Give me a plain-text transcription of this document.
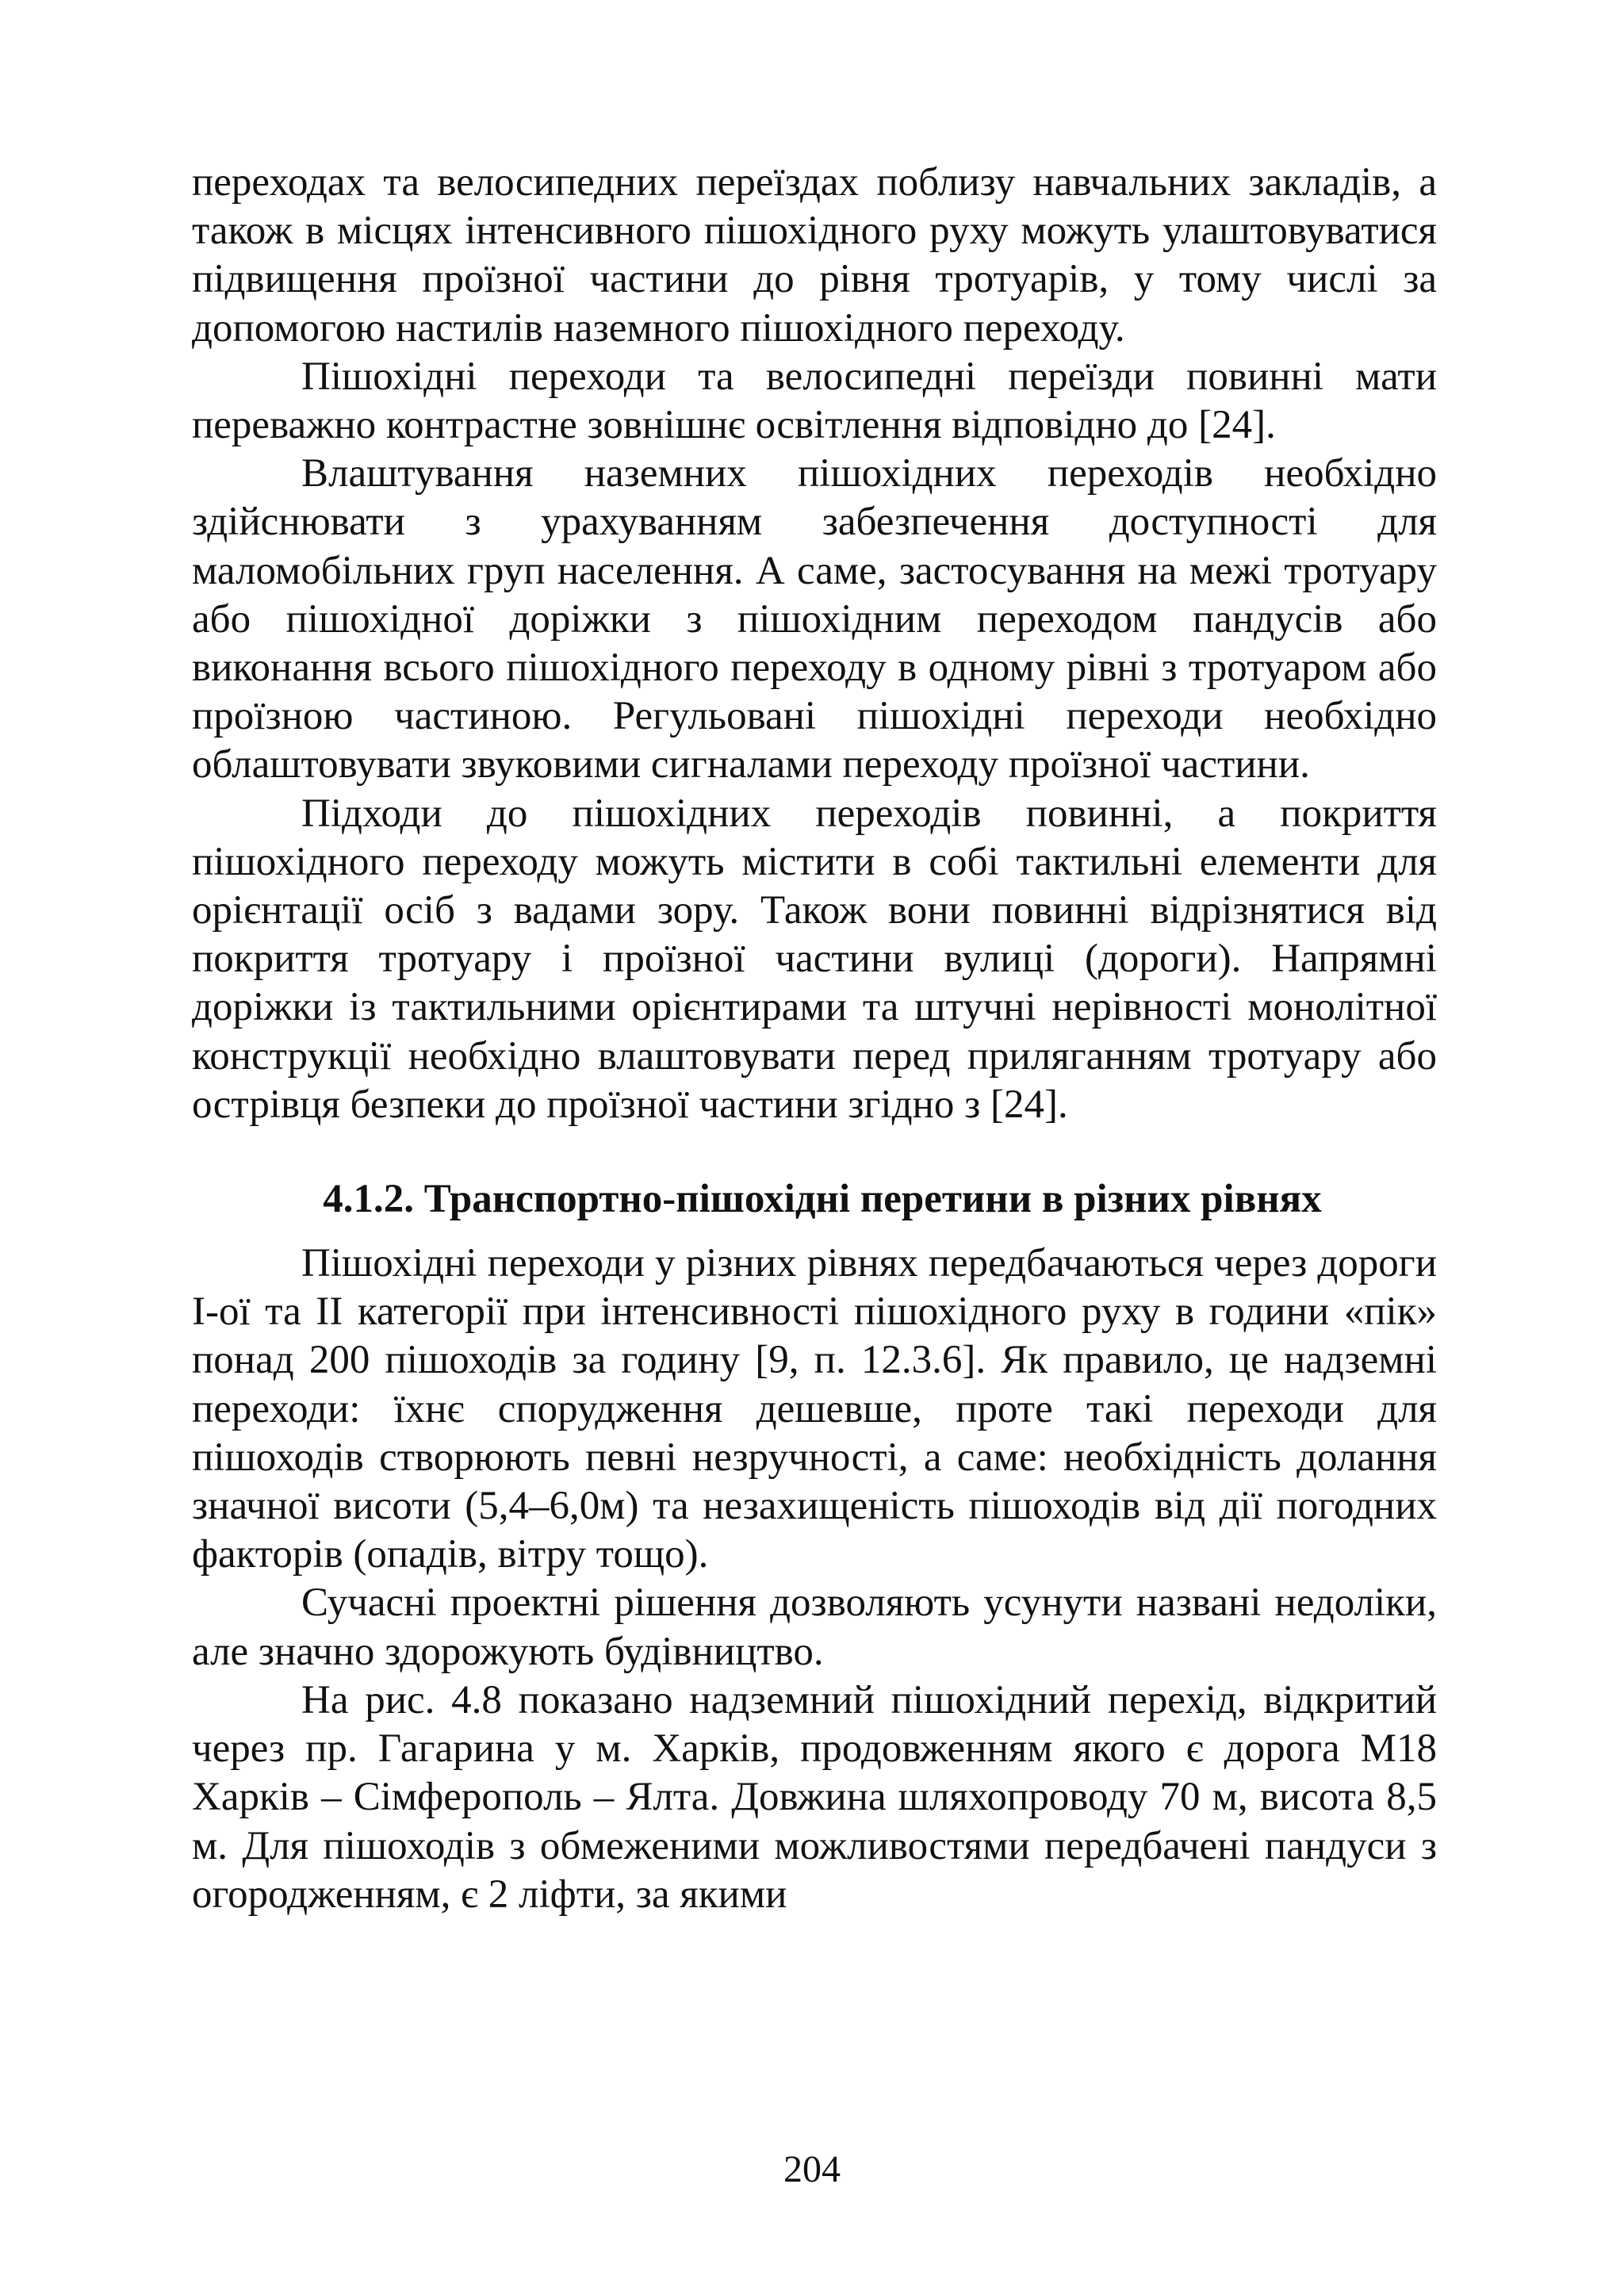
переходах та велосипедних переїздах поблизу навчальних закладів, а також в місцях інтенсивного пішохідного руху можуть улаштовуватися підвищення проїзної частини до рівня тротуарів, у тому числі за допомогою настилів наземного пішохідного переходу.

Пішохідні переходи та велосипедні переїзди повинні мати переважно контрастне зовнішнє освітлення відповідно до [24].

Влаштування наземних пішохідних переходів необхідно здійснювати з урахуванням забезпечення доступності для маломобільних груп населення. А саме, застосування на межі тротуару або пішохідної доріжки з пішохідним переходом пандусів або виконання всього пішохідного переходу в одному рівні з тротуаром або проїзною частиною. Регульовані пішохідні переходи необхідно облаштовувати звуковими сигналами переходу проїзної частини.

Підходи до пішохідних переходів повинні, а покриття пішохідного переходу можуть містити в собі тактильні елементи для орієнтації осіб з вадами зору. Також вони повинні відрізнятися від покриття тротуару і проїзної частини вулиці (дороги). Напрямні доріжки із тактильними орієнтирами та штучні нерівності монолітної конструкції необхідно влаштовувати перед приляганням тротуару або острівця безпеки до проїзної частини згідно з [24].

4.1.2. Транспортно-пішохідні перетини в різних рівнях

Пішохідні переходи у різних рівнях передбачаються через дороги І-ої та ІІ категорії при інтенсивності пішохідного руху в години «пік» понад 200 пішоходів за годину [9, п. 12.3.6]. Як правило, це надземні переходи: їхнє спорудження дешевше, проте такі переходи для пішоходів створюють певні незручності, а саме: необхідність долання значної висоти (5,4–6,0м) та незахищеність пішоходів від дії погодних факторів (опадів, вітру тощо).

Сучасні проектні рішення дозволяють усунути названі недоліки, але значно здорожують будівництво.

На рис. 4.8 показано надземний пішохідний перехід, відкритий через пр. Гагарина у м. Харків, продовженням якого є дорога М18 Харків – Сімферополь – Ялта. Довжина шляхопроводу 70 м, висота 8,5 м. Для пішоходів з обмеженими можливостями передбачені пандуси з огородженням, є 2 ліфти, за якими

204
